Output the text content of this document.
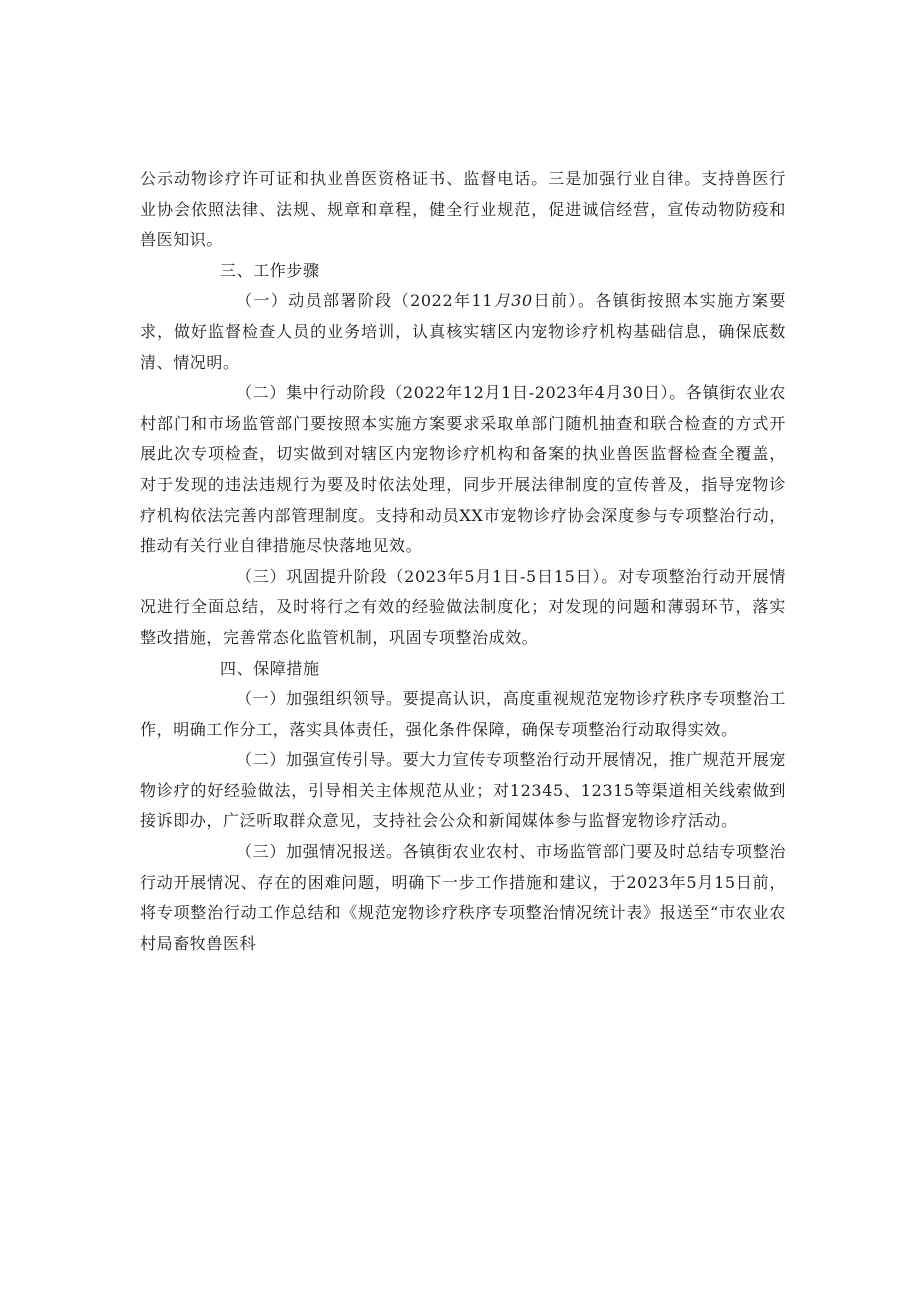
公示动物诊疗许可证和执业兽医资格证书、监督电话。三是加强行业自律。支持兽医行业协会依照法律、法规、规章和章程，健全行业规范，促进诚信经营，宣传动物防疫和兽医知识。

三、工作步骤

（一）动员部署阶段（2022年11月30日前）。各镇街按照本实施方案要求，做好监督检查人员的业务培训，认真核实辖区内宠物诊疗机构基础信息，确保底数清、情况明。

（二）集中行动阶段（2022年12月1日-2023年4月30日）。各镇街农业农村部门和市场监管部门要按照本实施方案要求采取单部门随机抽查和联合检查的方式开展此次专项检查，切实做到对辖区内宠物诊疗机构和备案的执业兽医监督检查全覆盖，对于发现的违法违规行为要及时依法处理，同步开展法律制度的宣传普及，指导宠物诊疗机构依法完善内部管理制度。支持和动员XX市宠物诊疗协会深度参与专项整治行动，推动有关行业自律措施尽快落地见效。

（三）巩固提升阶段（2023年5月1日-5日15日）。对专项整治行动开展情况进行全面总结，及时将行之有效的经验做法制度化；对发现的问题和薄弱环节，落实整改措施，完善常态化监管机制，巩固专项整治成效。

四、保障措施

（一）加强组织领导。要提高认识，高度重视规范宠物诊疗秩序专项整治工作，明确工作分工，落实具体责任，强化条件保障，确保专项整治行动取得实效。

（二）加强宣传引导。要大力宣传专项整治行动开展情况，推广规范开展宠物诊疗的好经验做法，引导相关主体规范从业；对12345、12315等渠道相关线索做到接诉即办，广泛听取群众意见，支持社会公众和新闻媒体参与监督宠物诊疗活动。

（三）加强情况报送。各镇街农业农村、市场监管部门要及时总结专项整治行动开展情况、存在的困难问题，明确下一步工作措施和建议，于2023年5月15日前，将专项整治行动工作总结和《规范宠物诊疗秩序专项整治情况统计表》报送至“市农业农村局畜牧兽医科
